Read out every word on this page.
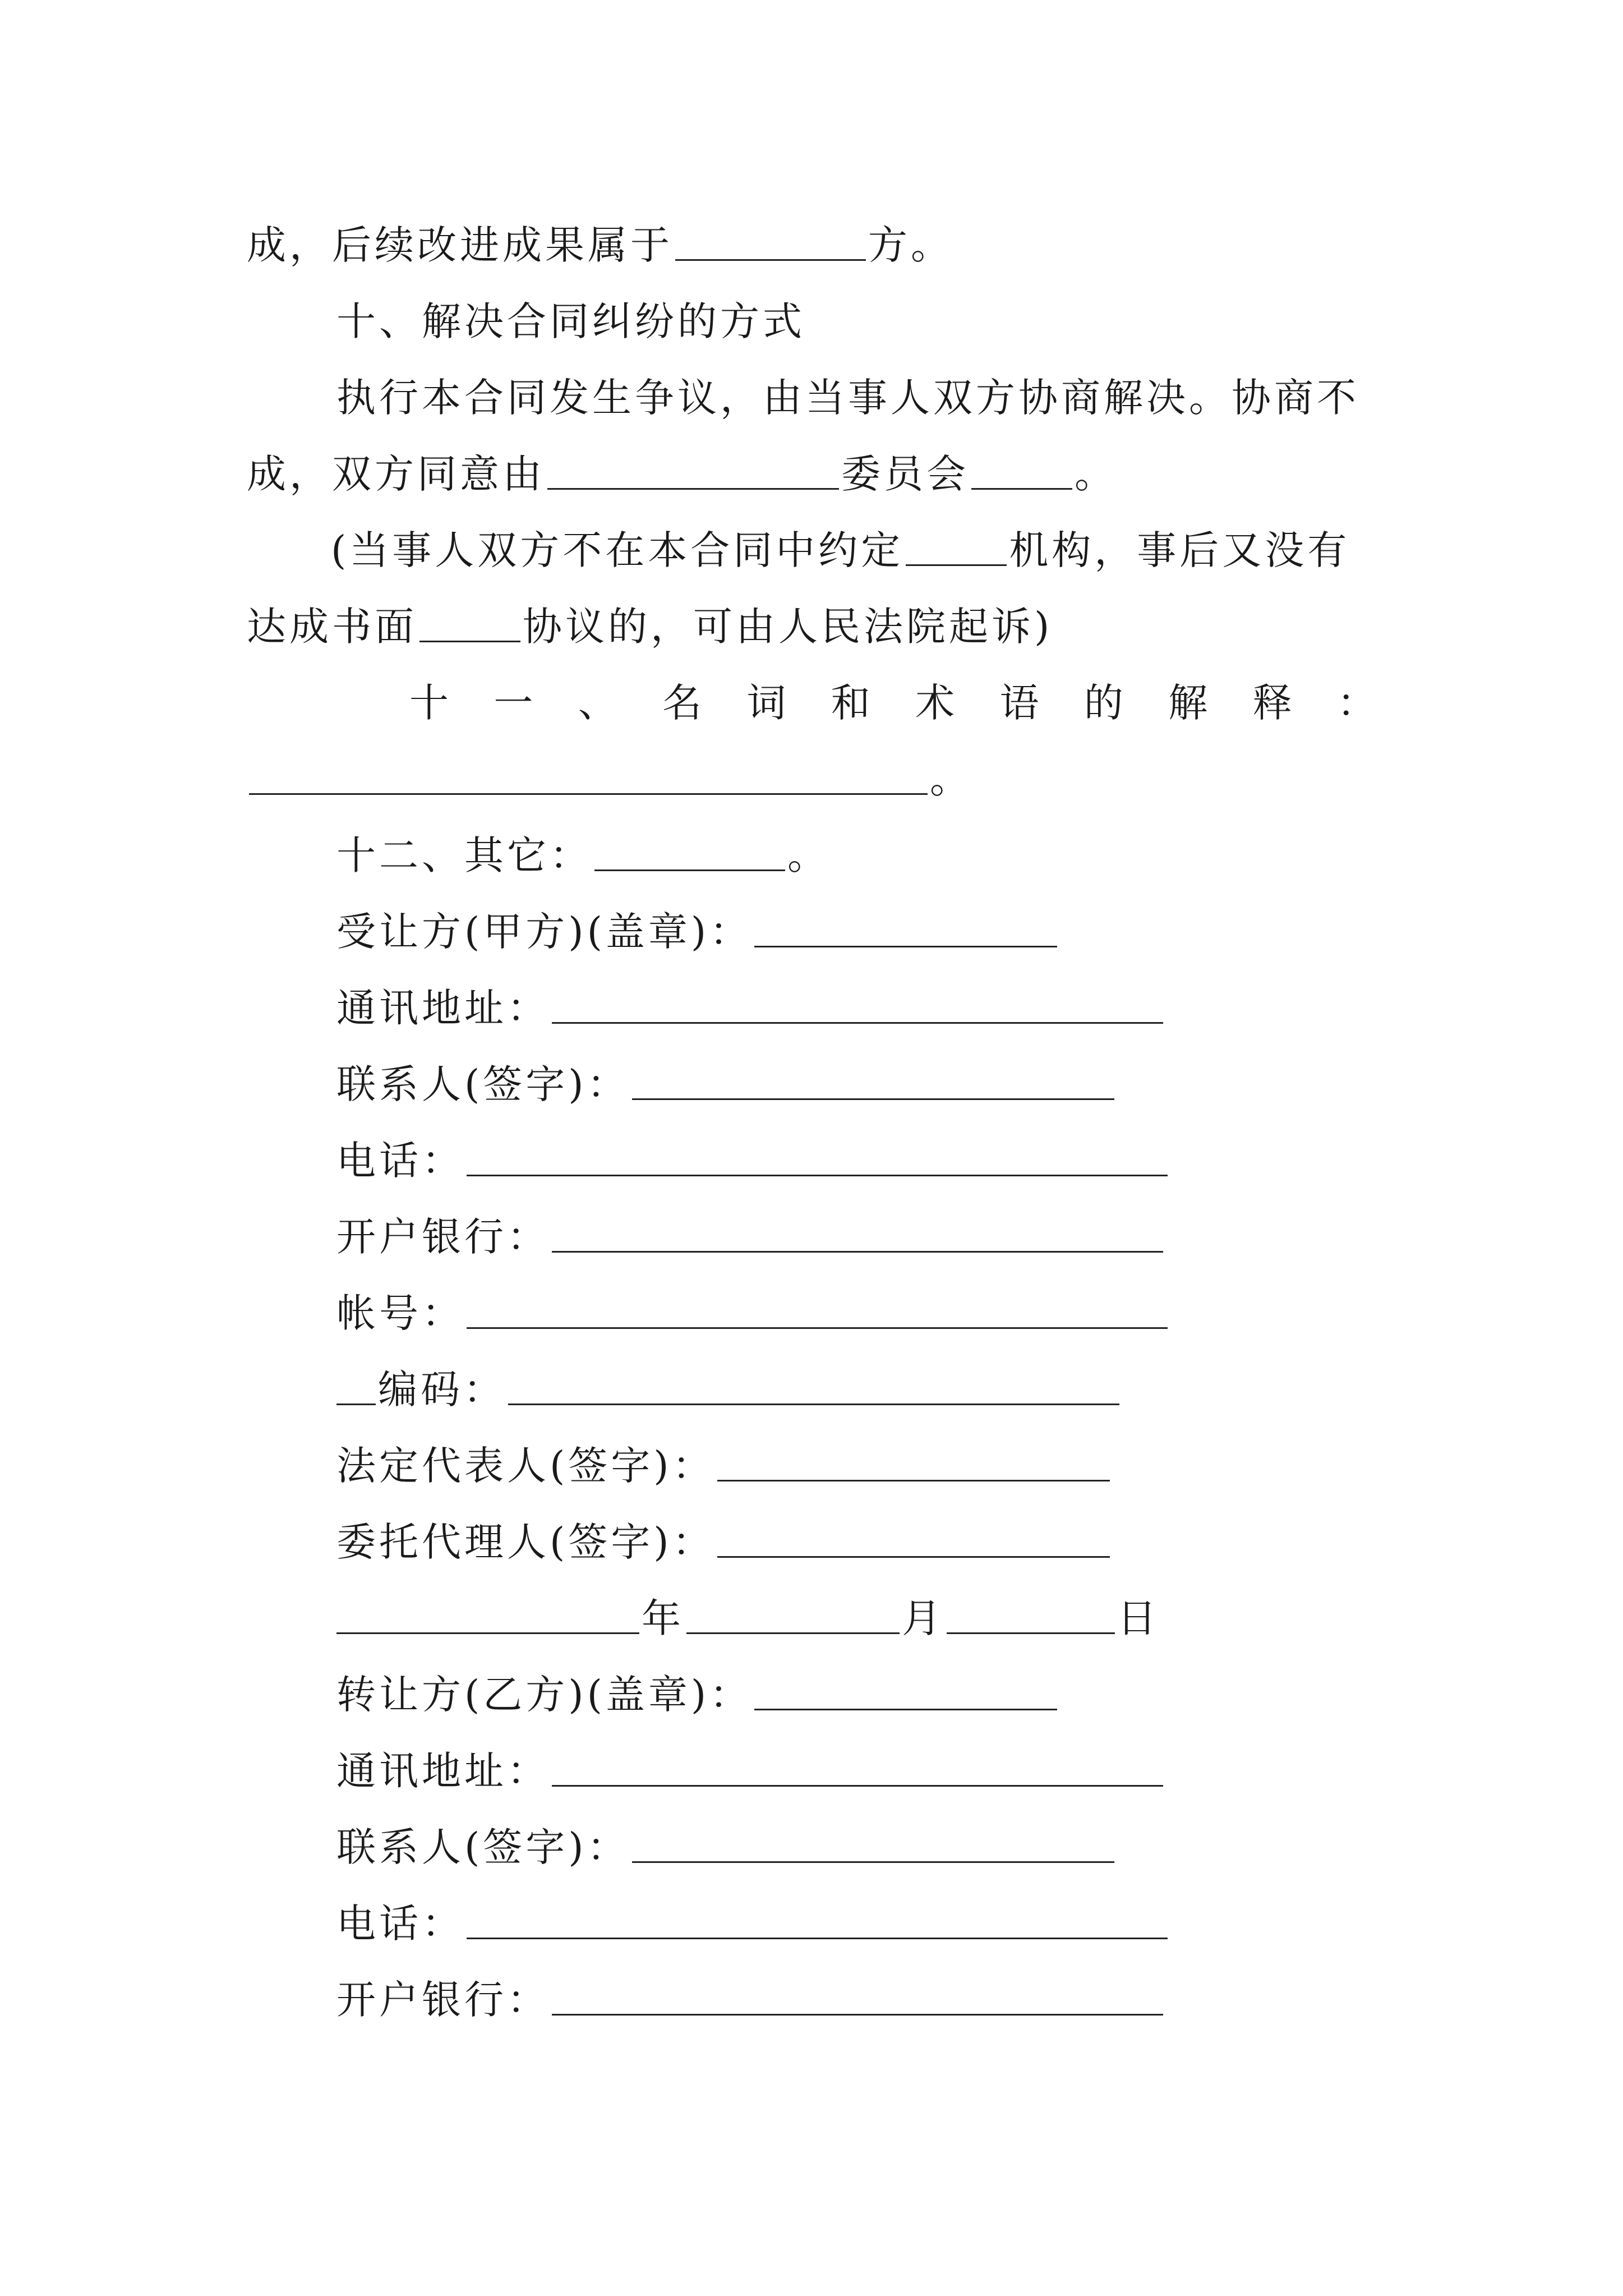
成，后续改进成果属于	方。
十、解决合同纠纷的方式
执行本合同发生争议，由当事人双方协商解决。协商不
成，双方同意由	委员会	。
(当事人双方不在本合同中约定	机构，事后又没有
达成书面	协议的，可由人民法院起诉)
十 一 、 名 词 和 术 语 的 解 释 ：
。
十二、其它：	。
受让方(甲方)(盖章)：
通讯地址：
联系人(签字)：
电话：
开户银行：
帐号：
编码：
法定代表人(签字)：
委托代理人(签字)：
年	月	日
转让方(乙方)(盖章)：
通讯地址：
联系人(签字)：
电话：
开户银行：
